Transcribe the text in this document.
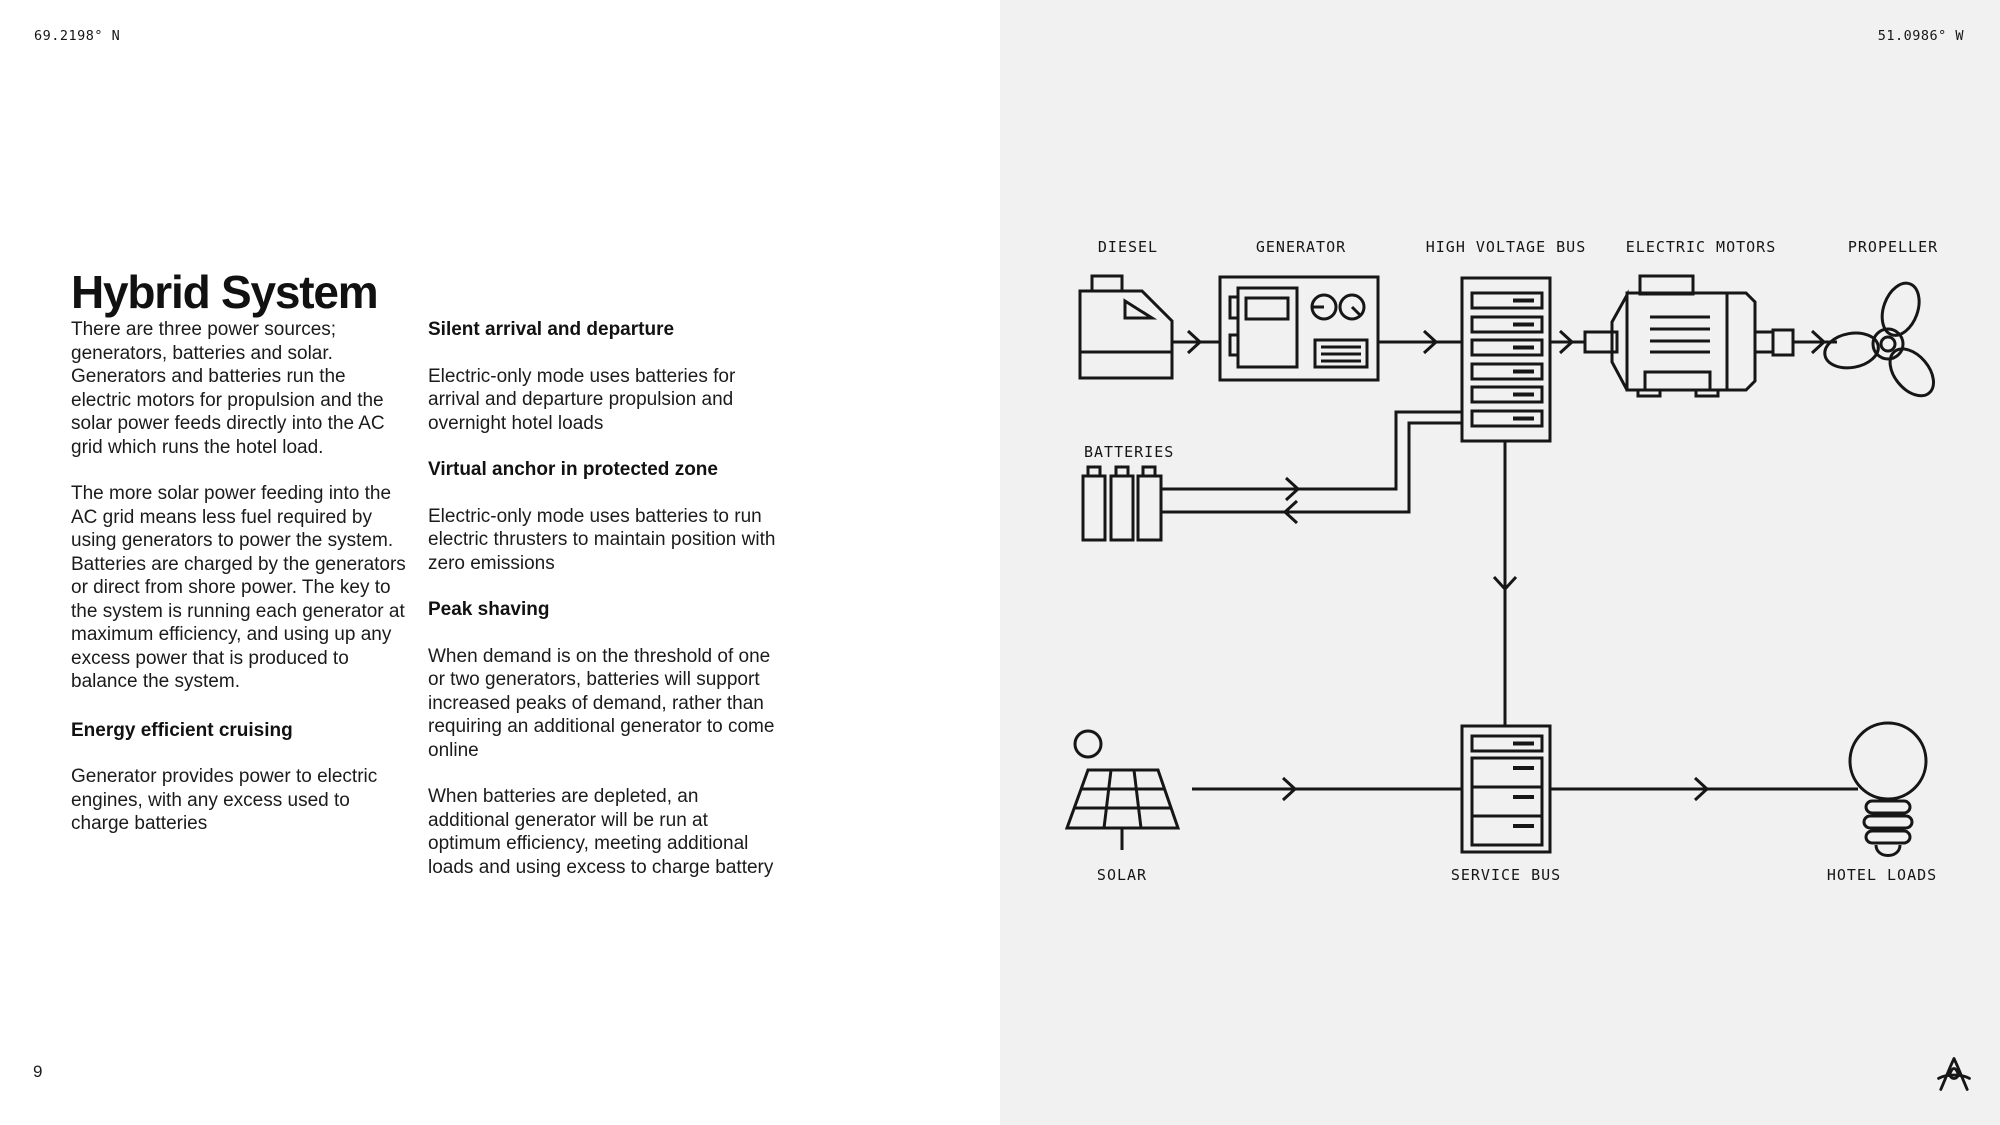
69.2198° N	51.0986° W
Hybrid System

There are three power sources; generators, batteries and solar. Generators and batteries run the electric motors for propulsion and the solar power feeds directly into the AC grid which runs the hotel load.

The more solar power feeding into the AC grid means less fuel required by using generators to power the system. Batteries are charged by the generators or direct from shore power. The key to the system is running each generator at maximum efficiency, and using up any excess power that is produced to balance the system.

Energy efficient cruising

Generator provides power to electric engines, with any excess used to charge batteries

Silent arrival and departure

Electric-only mode uses batteries for arrival and departure propulsion and overnight hotel loads

Virtual anchor in protected zone

Electric-only mode uses batteries to run electric thrusters to maintain position with zero emissions

Peak shaving

When demand is on the threshold of one or two generators, batteries will support increased peaks of demand, rather than requiring an additional generator to come online

When batteries are depleted, an additional generator will be run at optimum efficiency, meeting additional loads and using excess to charge battery

DIESEL	GENERATOR	HIGH VOLTAGE BUS	ELECTRIC MOTORS	PROPELLER
BATTERIES
SERVICE BUS
SOLAR	HOTEL LOADS
9
